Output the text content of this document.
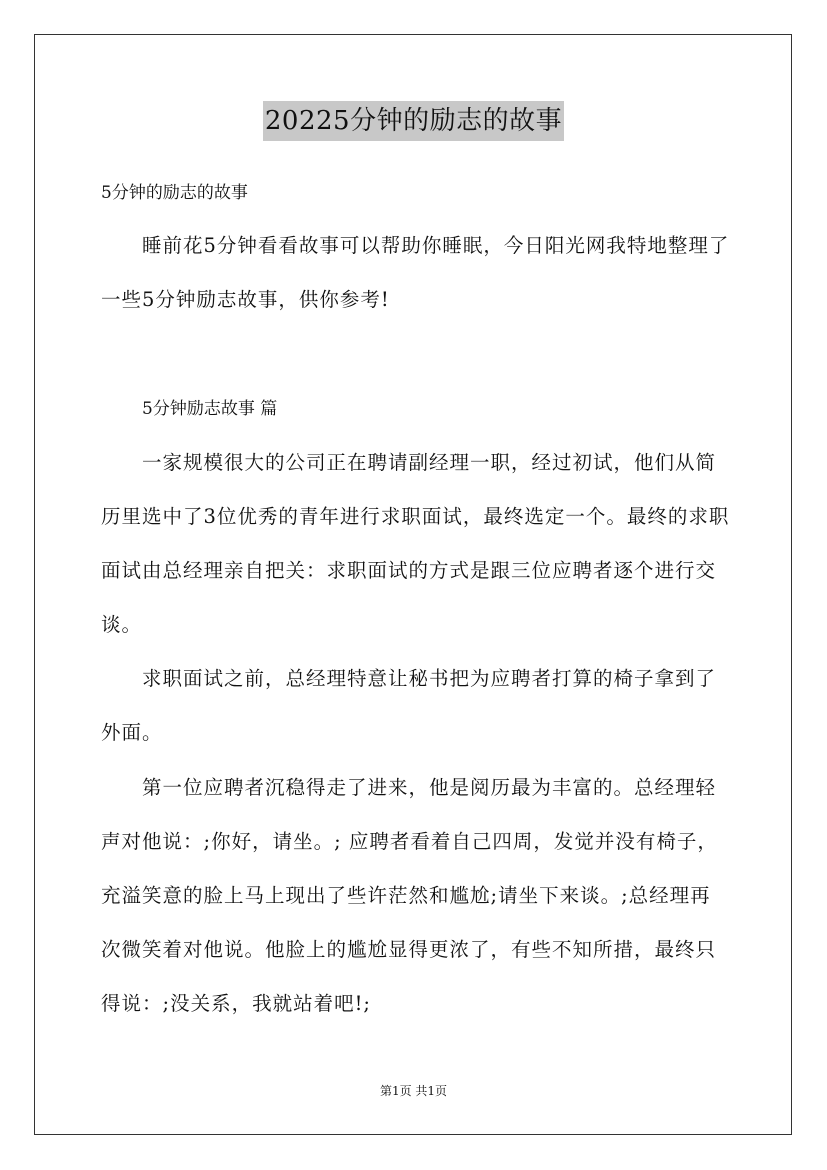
20225分钟的励志的故事
5分钟的励志的故事

睡前花5分钟看看故事可以帮助你睡眠，今日阳光网我特地整理了一些5分钟励志故事，供你参考!

5分钟励志故事 篇

一家规模很大的公司正在聘请副经理一职，经过初试，他们从简历里选中了3位优秀的青年进行求职面试，最终选定一个。最终的求职面试由总经理亲自把关：求职面试的方式是跟三位应聘者逐个进行交谈。

求职面试之前，总经理特意让秘书把为应聘者打算的椅子拿到了外面。

第一位应聘者沉稳得走了进来，他是阅历最为丰富的。总经理轻声对他说：;你好，请坐。; 应聘者看着自己四周，发觉并没有椅子，充溢笑意的脸上马上现出了些许茫然和尴尬;请坐下来谈。;总经理再次微笑着对他说。他脸上的尴尬显得更浓了，有些不知所措，最终只得说：;没关系，我就站着吧!;

第1页 共1页
